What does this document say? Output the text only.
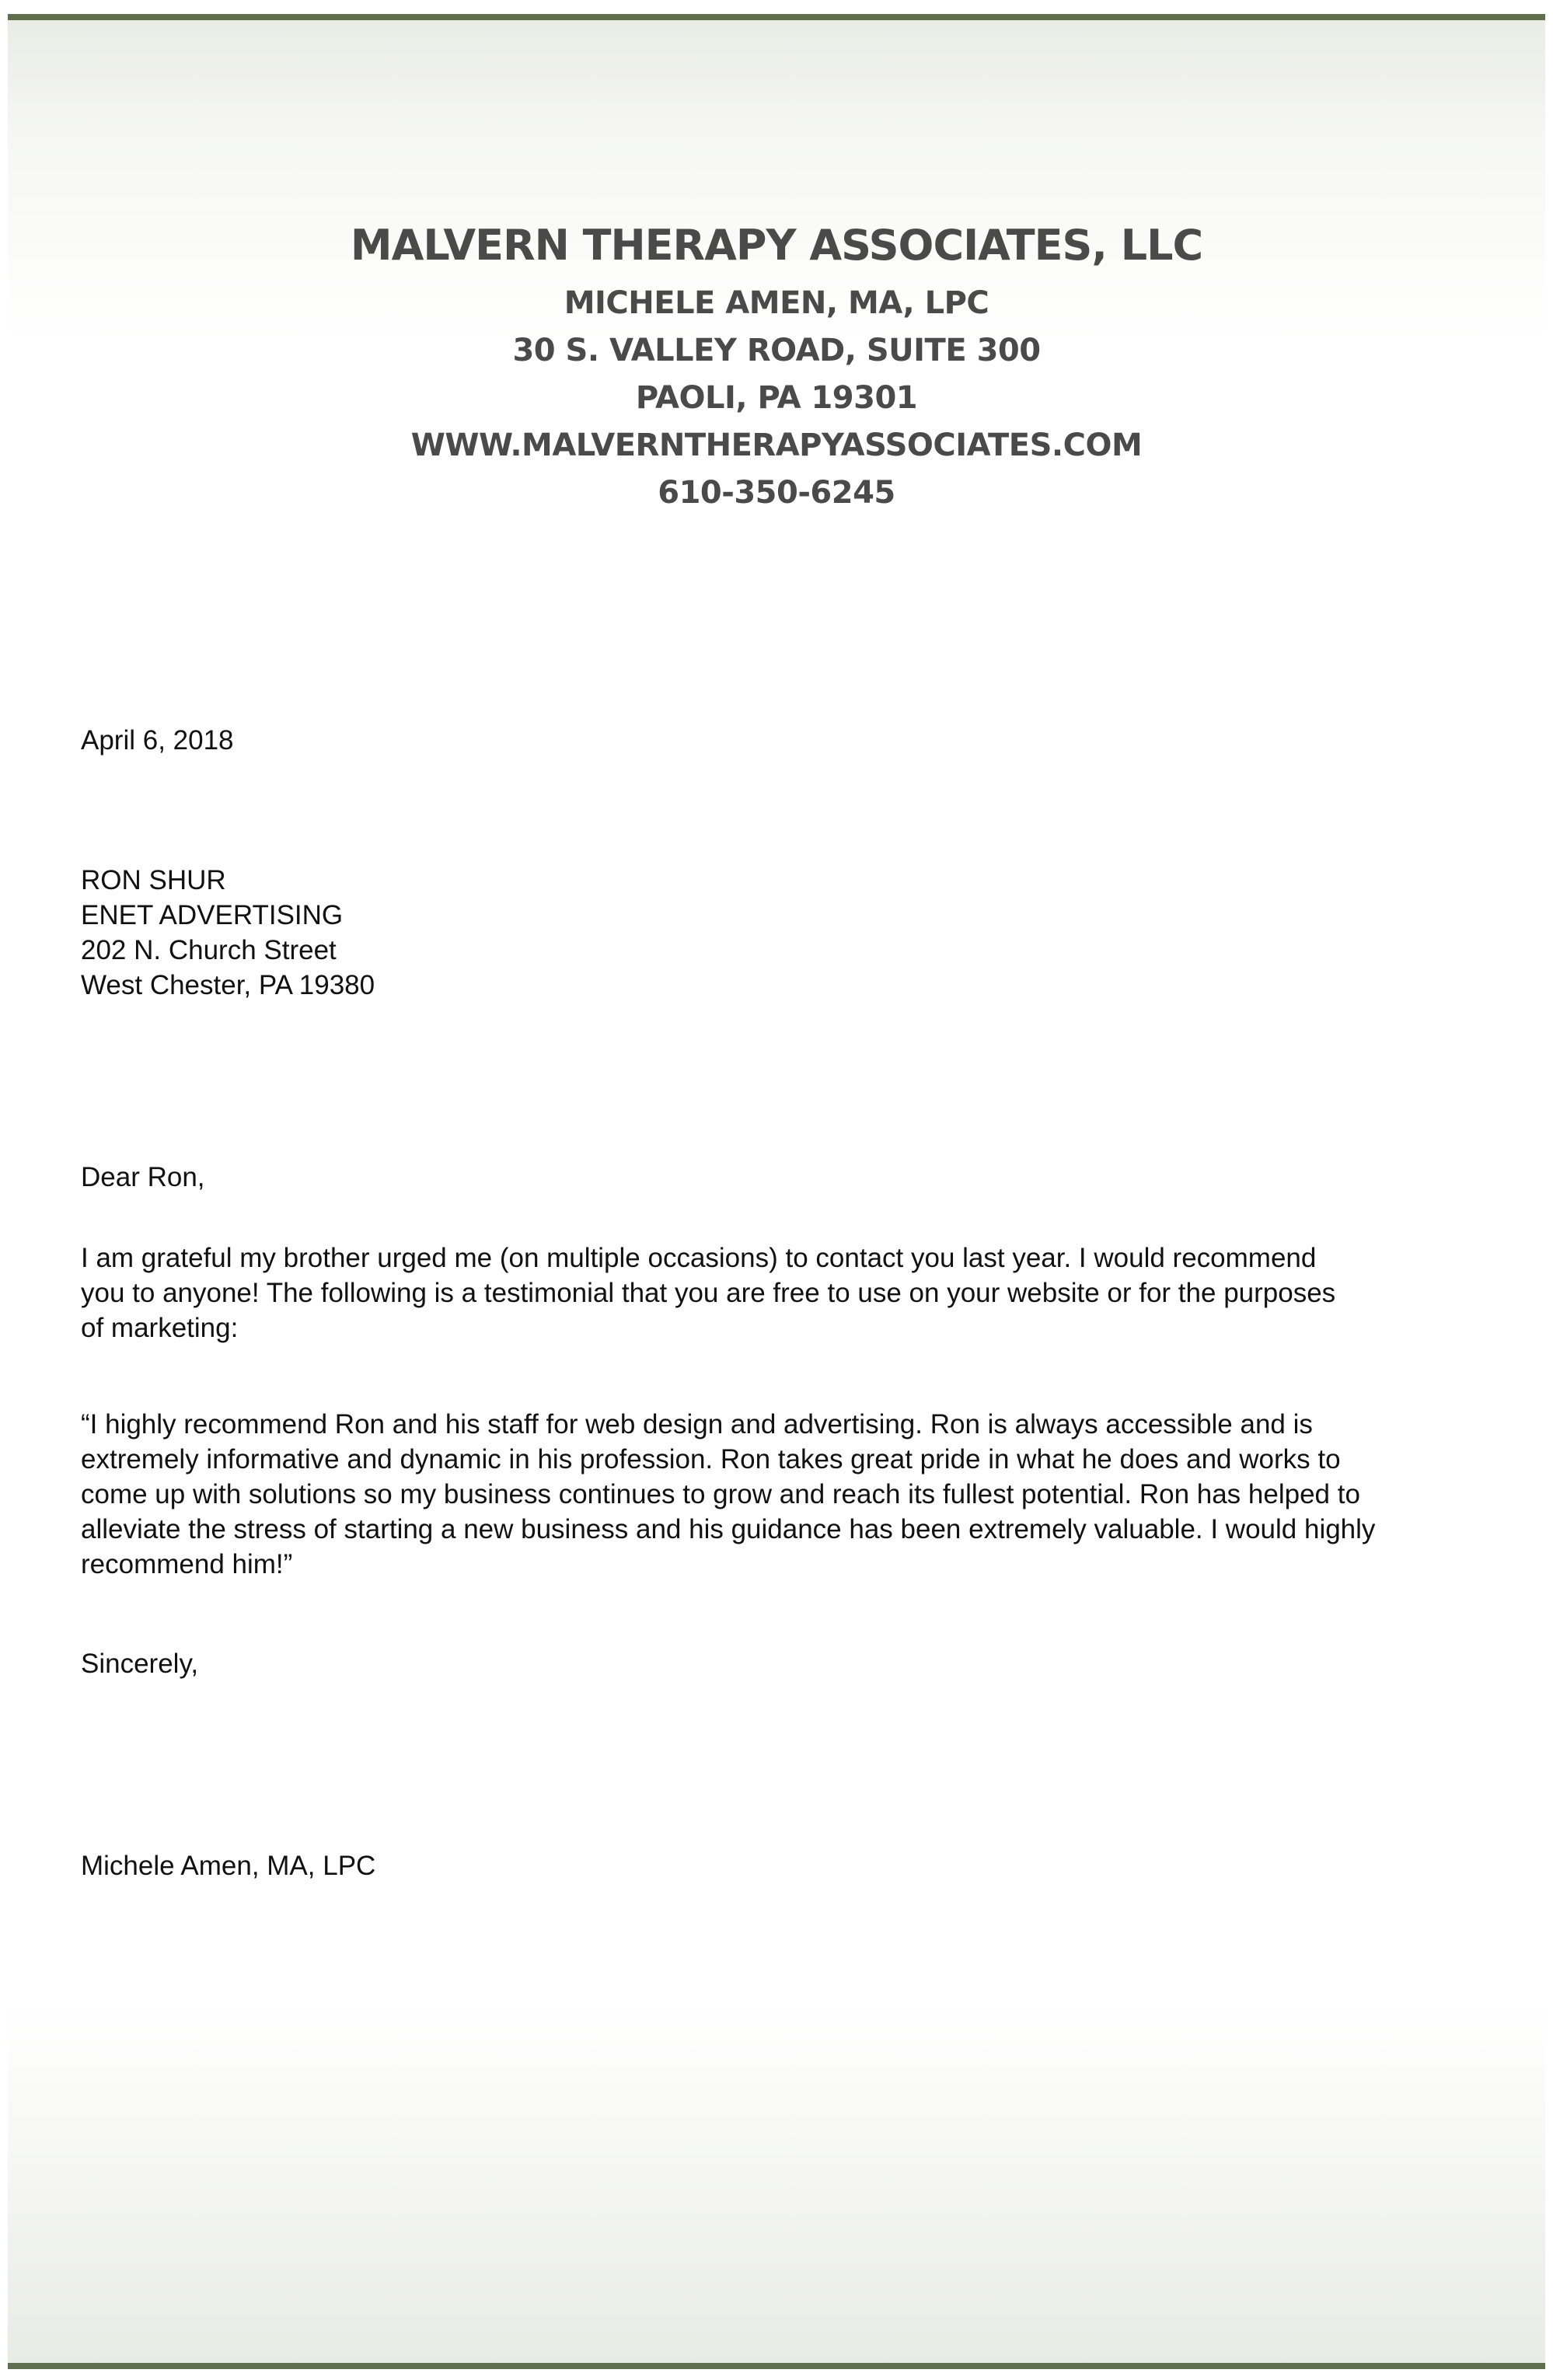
MALVERN THERAPY ASSOCIATES, LLC
MICHELE AMEN, MA, LPC
30 S. VALLEY ROAD, SUITE 300
PAOLI, PA 19301
WWW.MALVERNTHERAPYASSOCIATES.COM
610-350-6245
April 6, 2018
RON SHUR
ENET ADVERTISING
202 N. Church Street
West Chester, PA 19380
Dear Ron,
I am grateful my brother urged me (on multiple occasions) to contact you last year. I would recommend
you to anyone! The following is a testimonial that you are free to use on your website or for the purposes
of marketing:
“I highly recommend Ron and his staff for web design and advertising. Ron is always accessible and is
extremely informative and dynamic in his profession. Ron takes great pride in what he does and works to
come up with solutions so my business continues to grow and reach its fullest potential. Ron has helped to
alleviate the stress of starting a new business and his guidance has been extremely valuable. I would highly
recommend him!”
Sincerely,
Michele Amen, MA, LPC
